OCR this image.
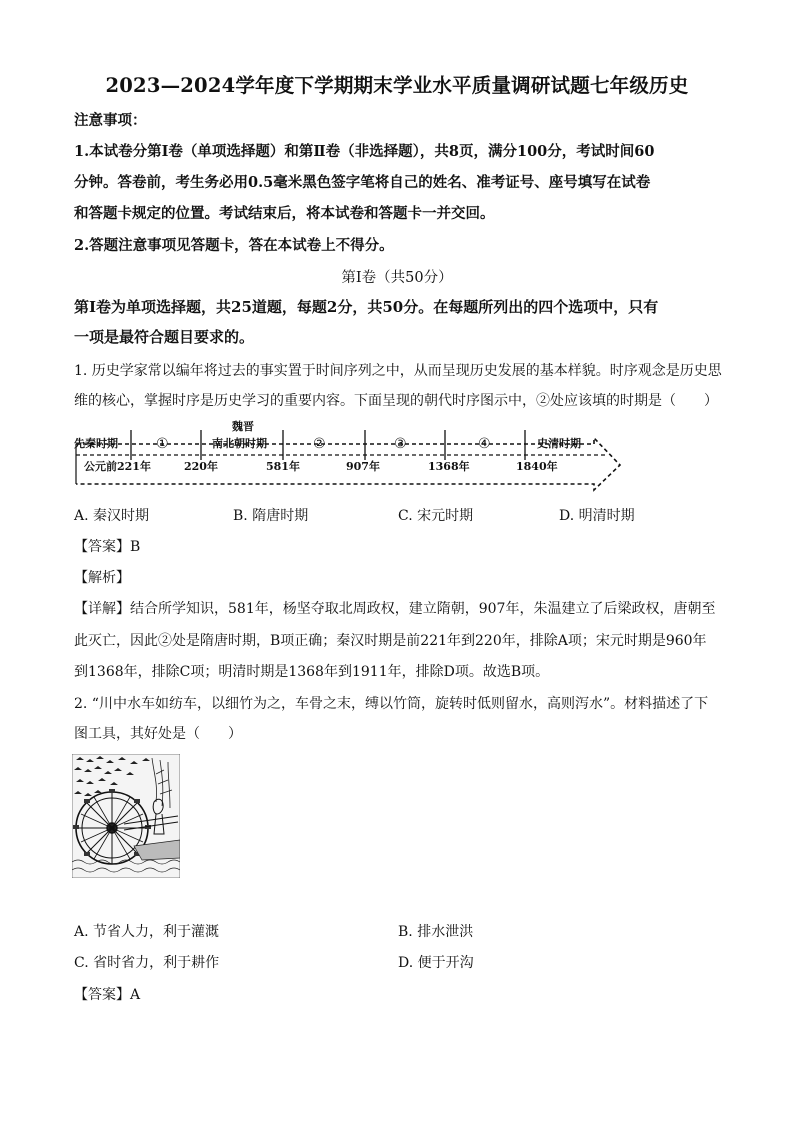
2023—2024学年度下学期期末学业水平质量调研试题七年级历史
注意事项：
1.本试卷分第Ⅰ卷（单项选择题）和第Ⅱ卷（非选择题），共8页，满分100分，考试时间60
分钟。答卷前，考生务必用0.5毫米黑色签字笔将自己的姓名、准考证号、座号填写在试卷
和答题卡规定的位置。考试结束后，将本试卷和答题卡一并交回。
2.答题注意事项见答题卡，答在本试卷上不得分。
第Ⅰ卷（共50分）
第Ⅰ卷为单项选择题，共25道题，每题2分，共50分。在每题所列出的四个选项中，只有
一项是最符合题目要求的。
1. 历史学家常以编年将过去的事实置于时间序列之中，从而呈现历史发展的基本样貌。时序观念是历史思
维的核心，掌握时序是历史学习的重要内容。下面呈现的朝代时序图示中，②处应该填的时期是（　　）
先秦时期	①
魏晋
南北朝时期	②	③	④	史清时期
公元前221年	220年	581年	907年	1368年	1840年
A. 秦汉时期	B. 隋唐时期	C. 宋元时期	D. 明清时期
【答案】B
【解析】
【详解】结合所学知识，581年，杨坚夺取北周政权，建立隋朝，907年，朱温建立了后梁政权，唐朝至
此灭亡，因此②处是隋唐时期，B项正确；秦汉时期是前221年到220年，排除A项；宋元时期是960年
到1368年，排除C项；明清时期是1368年到1911年，排除D项。故选B项。
2. “川中水车如纺车，以细竹为之，车骨之末，缚以竹筒，旋转时低则留水，高则泻水”。材料描述了下
图工具，其好处是（　　）
A. 节省人力，利于灌溉	B. 排水泄洪
C. 省时省力，利于耕作	D. 便于开沟
【答案】A
